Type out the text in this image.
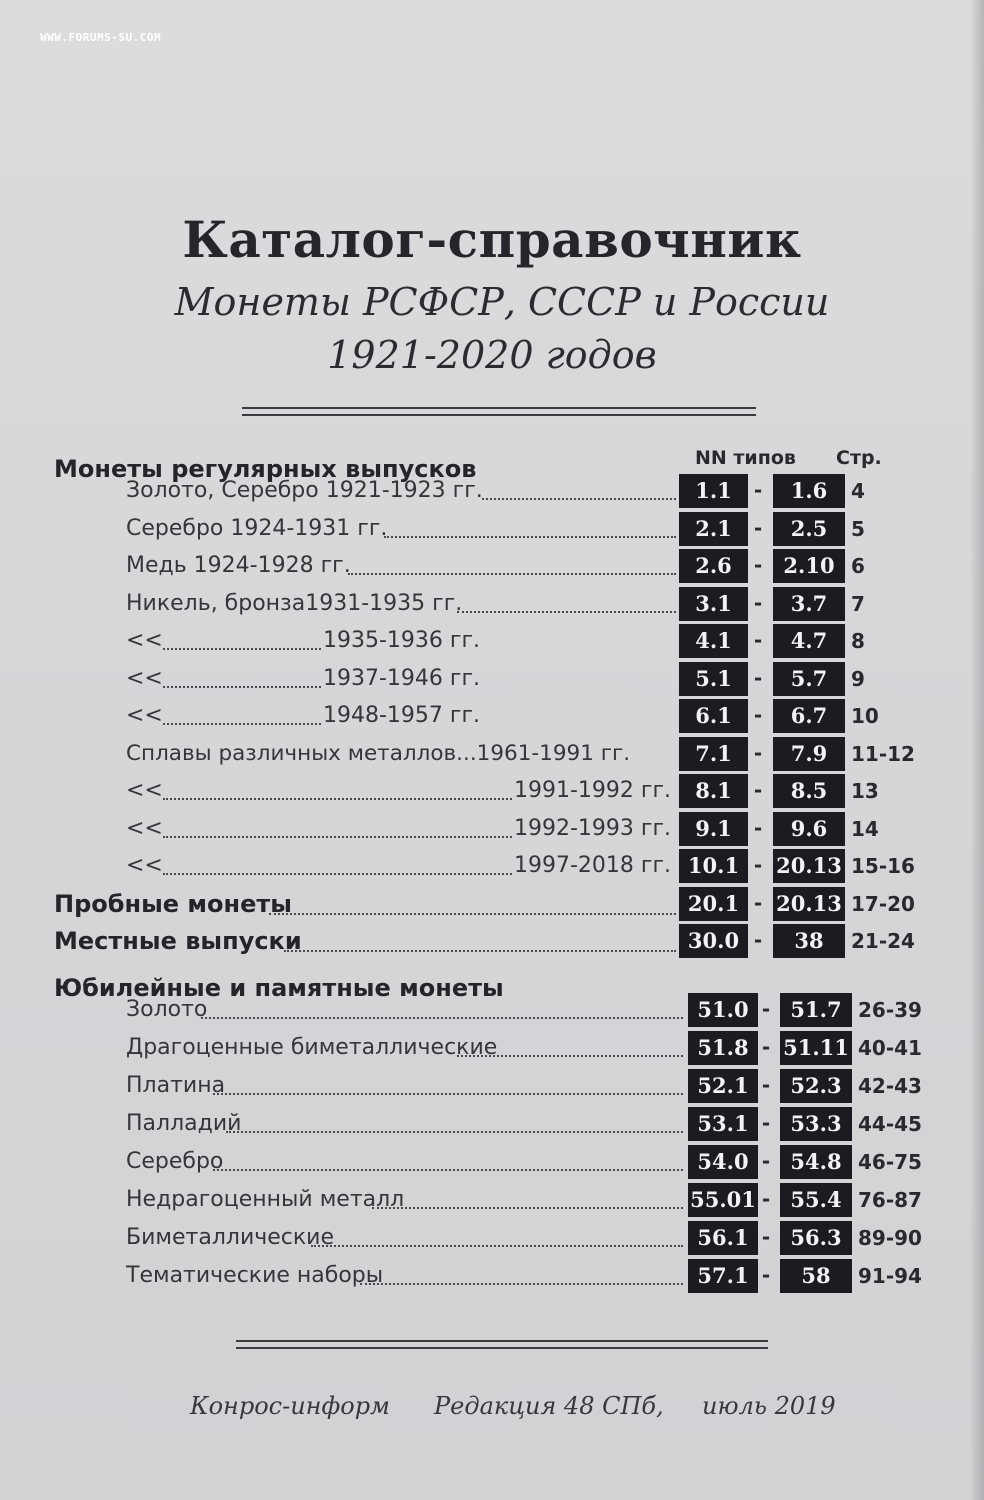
WWW.FORUMS-SU.COM
Каталог-справочник
Монеты РСФСР, СССР и России
1921-2020 годов
NN типов Стр.
Монеты регулярных выпусков
Юбилейные и памятные монеты
Золото, Серебро 1921-1923 гг.	1.1	-	1.6	4
Серебро 1924-1931 гг.	2.1	-	2.5	5
Медь 1924-1928 гг.	2.6	-	2.10 6
Никель, бронза1931-1935 гг.	3.1	-	3.7	7
<<	1935-1936 гг.	4.1	-	4.7	8
<<	1937-1946 гг.	5.1	-	5.7	9
<<	1948-1957 гг.	6.1	-	6.7	10
Сплавы различных металлов...1961-1991 гг.	7.1	-	7.9	11-12
<<	1991-1992 гг.	8.1	-	8.5	13
<<	1992-1993 гг.	9.1	-	9.6	14
<<	1997-2018 гг. 10.1 - 20.13 15-16
Пробные монеты	20.1 - 20.13 17-20
Местные выпуски	30.0 -	38	21-24
Золото	51.0 - 51.7 26-39
Драгоценные биметаллические	51.8 - 51.11 40-41
Платина	52.1 - 52.3 42-43
Палладий	53.1 - 53.3 44-45
Серебро	54.0 - 54.8 46-75
Недрагоценный металл	55.01 - 55.4 76-87
Биметаллические	56.1 - 56.3 89-90
Тематические наборы	57.1 -	58	91-94
Конрос-информ Редакция 48 СПб, июль 2019
